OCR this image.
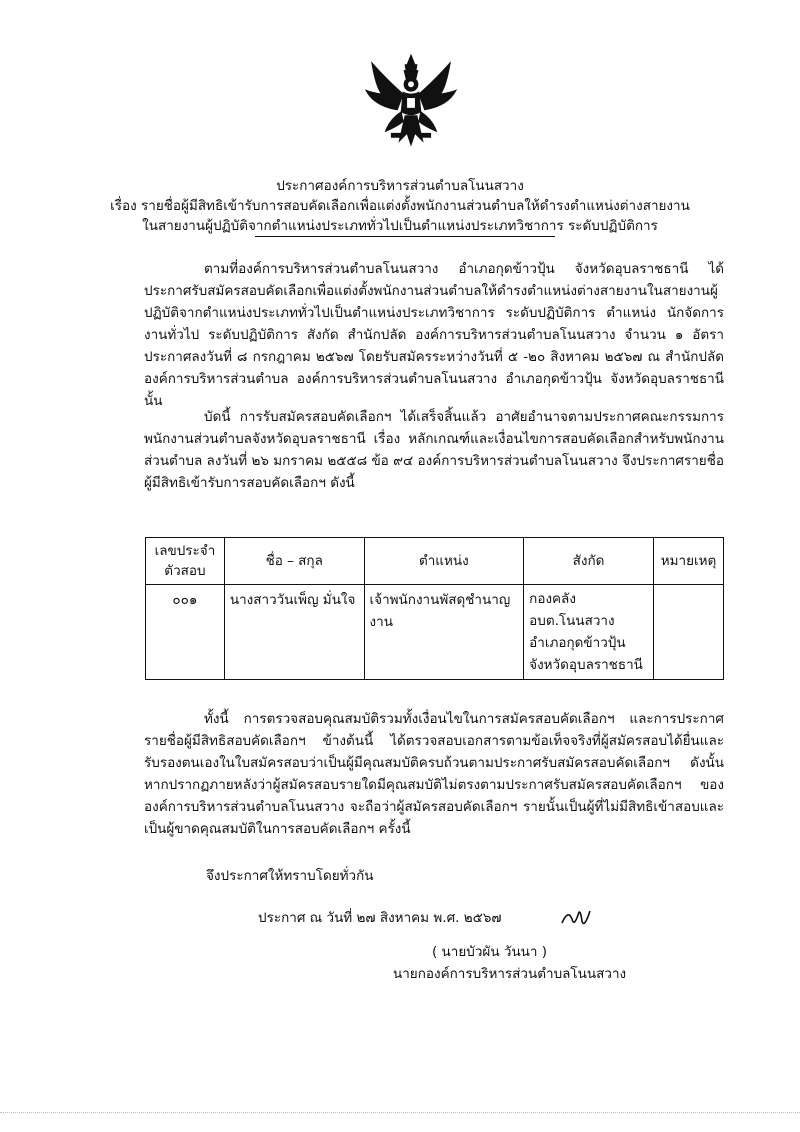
ประกาศองค์การบริหารส่วนตำบลโนนสวาง
เรื่อง รายชื่อผู้มีสิทธิเข้ารับการสอบคัดเลือกเพื่อแต่งตั้งพนักงานส่วนตำบลให้ดำรงตำแหน่งต่างสายงาน
ในสายงานผู้ปฏิบัติจากตำแหน่งประเภททั่วไปเป็นตำแหน่งประเภทวิชาการ ระดับปฏิบัติการ

ตามที่องค์การบริหารส่วนตำบลโนนสวาง อำเภอกุดข้าวปุ้น จังหวัดอุบลราชธานี ได้ประกาศรับสมัครสอบคัดเลือกเพื่อแต่งตั้งพนักงานส่วนตำบลให้ดำรงตำแหน่งต่างสายงานในสายงานผู้ปฏิบัติจากตำแหน่งประเภททั่วไปเป็นตำแหน่งประเภทวิชาการ ระดับปฏิบัติการ ตำแหน่ง นักจัดการงานทั่วไป ระดับปฏิบัติการ สังกัด สำนักปลัด องค์การบริหารส่วนตำบลโนนสวาง จำนวน ๑ อัตรา ประกาศลงวันที่ ๘ กรกฎาคม ๒๕๖๗ โดยรับสมัครระหว่างวันที่ ๕ -๒๐ สิงหาคม ๒๕๖๗ ณ สำนักปลัดองค์การบริหารส่วนตำบล องค์การบริหารส่วนตำบลโนนสวาง อำเภอกุดข้าวปุ้น จังหวัดอุบลราชธานี นั้น

บัดนี้ การรับสมัครสอบคัดเลือกฯ ได้เสร็จสิ้นแล้ว อาศัยอำนาจตามประกาศคณะกรรมการพนักงานส่วนตำบลจังหวัดอุบลราชธานี เรื่อง หลักเกณฑ์และเงื่อนไขการสอบคัดเลือกสำหรับพนักงานส่วนตำบล ลงวันที่ ๒๖ มกราคม ๒๕๕๘ ข้อ ๙๔ องค์การบริหารส่วนตำบลโนนสวาง จึงประกาศรายชื่อผู้มีสิทธิเข้ารับการสอบคัดเลือกฯ ดังนี้

เลขประจำตัวสอบ	ชื่อ – สกุล	ตำแหน่ง	สังกัด	หมายเหตุ
๐๐๑	นางสาววันเพ็ญ มั่นใจ	เจ้าพนักงานพัสดุชำนาญงาน	กองคลัง
อบต.โนนสวาง
อำเภอกุดข้าวปุ้น
จังหวัดอุบลราชธานี	

ทั้งนี้ การตรวจสอบคุณสมบัติรวมทั้งเงื่อนไขในการสมัครสอบคัดเลือกฯ และการประกาศรายชื่อผู้มีสิทธิสอบคัดเลือกฯ ข้างต้นนี้ ได้ตรวจสอบเอกสารตามข้อเท็จจริงที่ผู้สมัครสอบได้ยื่นและรับรองตนเองในใบสมัครสอบว่าเป็นผู้มีคุณสมบัติครบถ้วนตามประกาศรับสมัครสอบคัดเลือกฯ ดังนั้น หากปรากฏภายหลังว่าผู้สมัครสอบรายใดมีคุณสมบัติไม่ตรงตามประกาศรับสมัครสอบคัดเลือกฯ ขององค์การบริหารส่วนตำบลโนนสวาง จะถือว่าผู้สมัครสอบคัดเลือกฯ รายนั้นเป็นผู้ที่ไม่มีสิทธิเข้าสอบและเป็นผู้ขาดคุณสมบัติในการสอบคัดเลือกฯ ครั้งนี้

จึงประกาศให้ทราบโดยทั่วกัน
ประกาศ ณ วันที่ ๒๗ สิงหาคม พ.ศ. ๒๕๖๗
( นายบัวผัน วันนา )
นายกองค์การบริหารส่วนตำบลโนนสวาง
